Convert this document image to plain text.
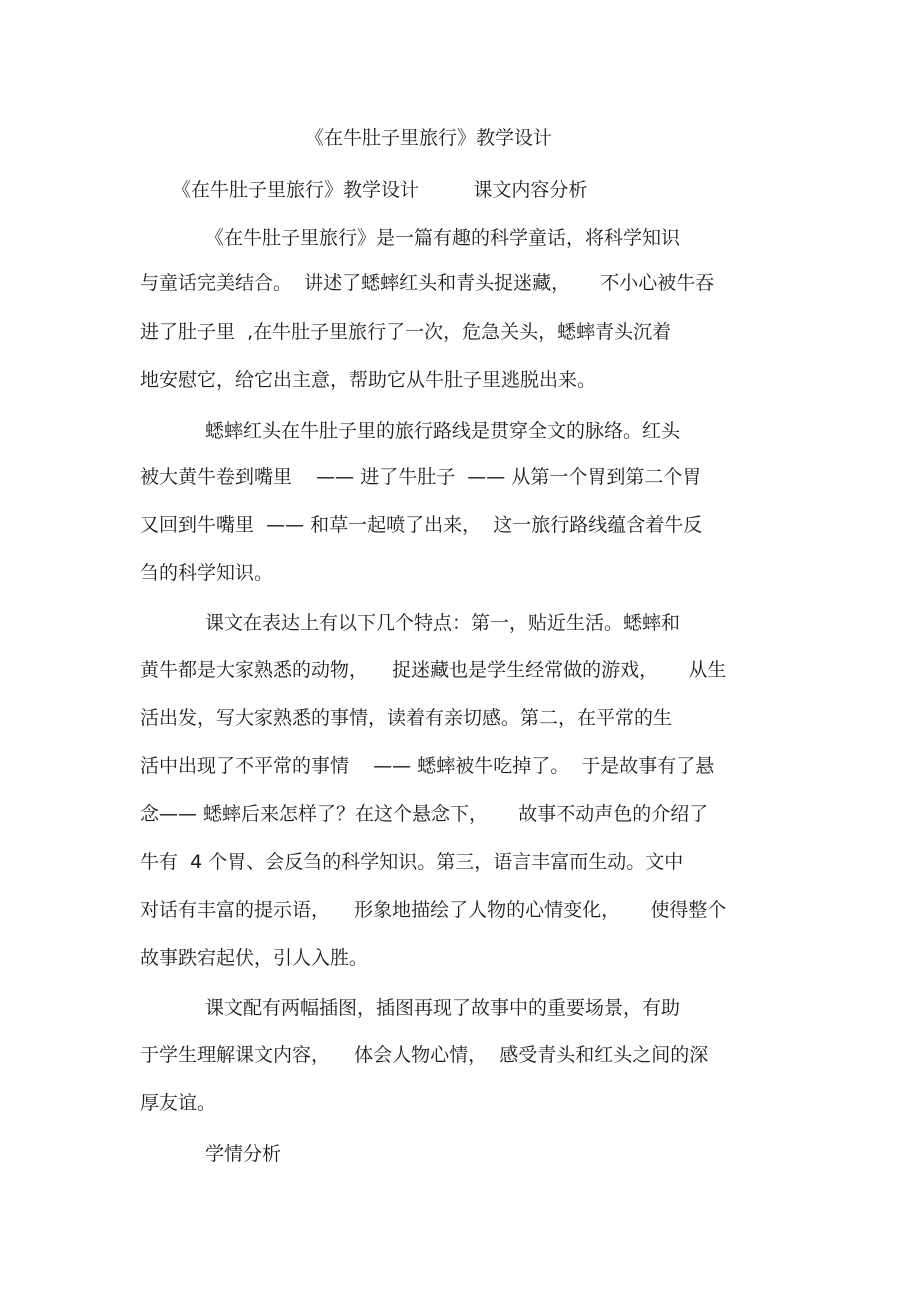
《在牛肚子里旅行》教学设计

《在牛肚子里旅行》教学设计         课文内容分析

《在牛肚子里旅行》是一篇有趣的科学童话，将科学知识

与童话完美结合。  讲述了蟋蟀红头和青头捉迷藏，     不小心被牛吞

进了肚子里  ,在牛肚子里旅行了一次，危急关头，蟋蟀青头沉着

地安慰它，给它出主意，帮助它从牛肚子里逃脱出来。

蟋蟀红头在牛肚子里的旅行路线是贯穿全文的脉络。红头

被大黄牛卷到嘴里    —— 进了牛肚子  —— 从第一个胃到第二个胃

又回到牛嘴里  —— 和草一起喷了出来，  这一旅行路线蕴含着牛反

刍的科学知识。

课文在表达上有以下几个特点：第一，贴近生活。蟋蟀和

黄牛都是大家熟悉的动物，    捉迷藏也是学生经常做的游戏，     从生

活出发，写大家熟悉的事情，读着有亲切感。第二，在平常的生

活中出现了不平常的事情    —— 蟋蟀被牛吃掉了。  于是故事有了悬

念—— 蟋蟀后来怎样了？在这个悬念下，     故事不动声色的介绍了

牛有  4 个胃、会反刍的科学知识。第三，语言丰富而生动。文中

对话有丰富的提示语，    形象地描绘了人物的心情变化，     使得整个

故事跌宕起伏，引人入胜。

课文配有两幅插图，插图再现了故事中的重要场景，有助

于学生理解课文内容，    体会人物心情，  感受青头和红头之间的深

厚友谊。

学情分析
